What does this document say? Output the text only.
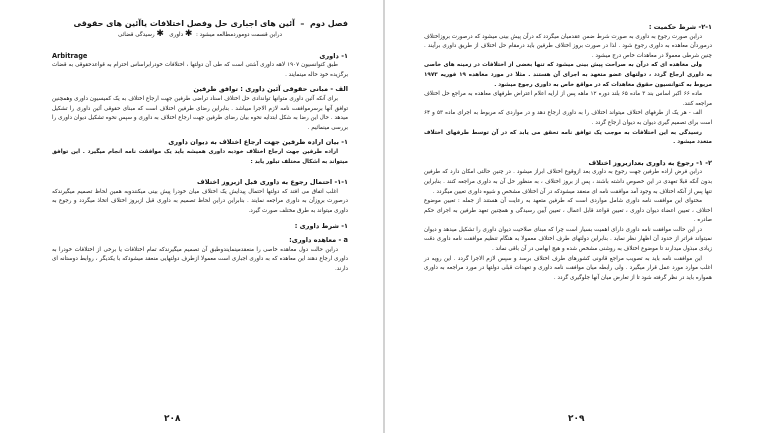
فصل دوم  –  آئین های اجباری حل وفصل اختلافات یاآئین های حقوقی

دراین قسمت دوموردمطالعه میشود :  ✱ داوری   ✱ رسیدگی قضائی

۱- داوری
Arbitrage

طبق کنوانسیون ۱۹۰۷ لاهه داوری آشتی است که طی آن دولتها ، اختلافات خودرابراساس احترام به قواعدحقوقی به قضات برگزیده خود حاله مینمایند .

الف - مبانی حقوقی آئین داوری : توافق طرفین

برای آنکه آئین داوری متوانها تواندادی حل اختلاف اسناد تراضی طرفین جهت ارجاع اختلاف به یک کمیسیون داوری وهمچنین توافق آنها برسرموافقت نامه لازم الاجرا میباشد . بنابراین رضای طرفین اختلاف است که مبنای حقوقی آئین داوری را تشکیل میدهد . حال این رضا به شکل ابتدایه نحوه بیان رضای طرفین جهت ارجاع اختلاف به داوری و سپس نحوه تشکیل دیوان داوری را بررسی مینمائیم .

۱- بیان اراده طرفین جهت ارجاع اختلاف به دیوان داوری

اراده طرفین جهت ارجاع اختلاف خودبه داوری همیشه باید یک موافقت نامه انجام میگیرد . این توافق میتواند به اشکال مختلف تبلور یابد :

۱-۱- احتمال رجوع به داوری قبل ازبروز اختلاف

اغلب اتفاق می افتد که دولتها احتمال پیدایش یک اختلاف میان خودرا پیش بینی میکنندوبه همین لحاظ تصمیم میگیرندکه درصورت بروزآن به داوری مراجعه نمایند . بنابراین دراین لحاظ تصمیم به داوری قبل ازبروز اختلاف اتخاذ میگردد و رجوع به داوری میتواند به طرق مختلف صورت گیرد.

۱- شرط داوری :

a - معاهده داوری:

دراین حالت دول معاهده خاصی را منعقدمینمایندوطبق آن تصمیم میگیرندکه تمام اختلافات یا برخی از اختلافات خودرا به داوری ارجاع دهند این معاهده که به داوری اجباری است معمولا ازطرف دولتهایی منعقد میشودکه با یکدیگر ، روابط دوستانه ای دارند.

۲۰۸

۲-۱- شرط حکمیت :

دراین صورت رجوع به داوری به صورت شرط ضمن عقدمیان میگردد که درآن پیش بینی میشود که درصورت بروزاختلاف درموردآن معاهده به داوری رجوع شود . لذا در صورت بروز اختلاف طرفین باید درمقام حل اختلاف از طریق داوری برآیند . چنین شرطی معمولا در معاهدات خاص درج میشود .

ولی معاهده ای که درآن به صراحت پیش بینی میشود که تنها بعضی از اختلافات در زمینه های خاصی به داوری ارجاع گردد ، دولتهای عضو متعهد به اجرای آن هستند . مثلا در مورد معاهده ۱۹ فوریه ۱۹۷۳ مربوط به کنوانسیون حقوق معاهدات که در مواقع خاص به داوری رجوع میشود .

ماده ۶۶ اکبر اساس بند ۳ ماده ۶۵ بلند دوره ۱۲ ماهه پس از ارایه اعلام اعتراض طرفهای معاهده به مراجع حل اختلاف مراجعه کنند.

الف - هر یک از طرفهای اختلاف میتواند اختلاف را به داوری ارجاع دهد و در مواردی که مربوط به اجرای ماده ۵۳ و ۶۴ است برای تصمیم گیری دیوان به دیوان ارجاع گردد .

رسیدگی به این اختلافات به موجب یک توافق نامه تحقق می یابد که در آن توسط طرفهای اختلاف متعدد میشود .

۲- ۱- رجوع به داوری بعدازبروز اختلاف

دراین فرض اراده طرفین جهت رجوع به داوری بعد ازوقوع اختلاف ابراز میشود . در چنین حالتی امکان دارد که طرفین بدون آنکه قبلا تعهدی در این خصوص داشته باشند ، پس از بروز اختلاف ، به منظور حل آن به داوری مراجعه کنند . بنابراین تنها پس از آنکه اختلاف به وجود آمد موافقت نامه ای منعقد میشودکه در آن اختلاف مشخص و شیوه داوری تعیین میگردد .

محتوای این موافقت نامه داوری شامل مواردی است که طرفین متعهد به رعایت آن هستند از جمله : تعیین موضوع اختلاف ، تعیین اعضاء دیوان داوری ، تعیین قواعد قابل اعمال ، تعیین آیین رسیدگی و همچنین تعهد طرفین به اجرای حکم صادره .

در این حالت موافقت نامه داوری دارای اهمیت بسیار است چرا که مبنای صلاحیت دیوان داوری را تشکیل میدهد و دیوان نمیتواند فراتر از حدود آن اظهار نظر نماید . بنابراین دولتهای طرف اختلاف معمولا به هنگام تنظیم موافقت نامه داوری دقت زیادی مبذول میدارند تا موضوع اختلاف به روشنی مشخص شده و هیچ ابهامی در آن باقی نماند .

این موافقت نامه باید به تصویب مراجع قانونی کشورهای طرف اختلاف برسد و سپس لازم الاجرا گردد . این رویه در اغلب موارد مورد عمل قرار میگیرد . ولی رابطه میان موافقت نامه داوری و تعهدات قبلی دولتها در مورد مراجعه به داوری همواره باید در نظر گرفته شود تا از تعارض میان آنها جلوگیری گردد .

۲۰۹
